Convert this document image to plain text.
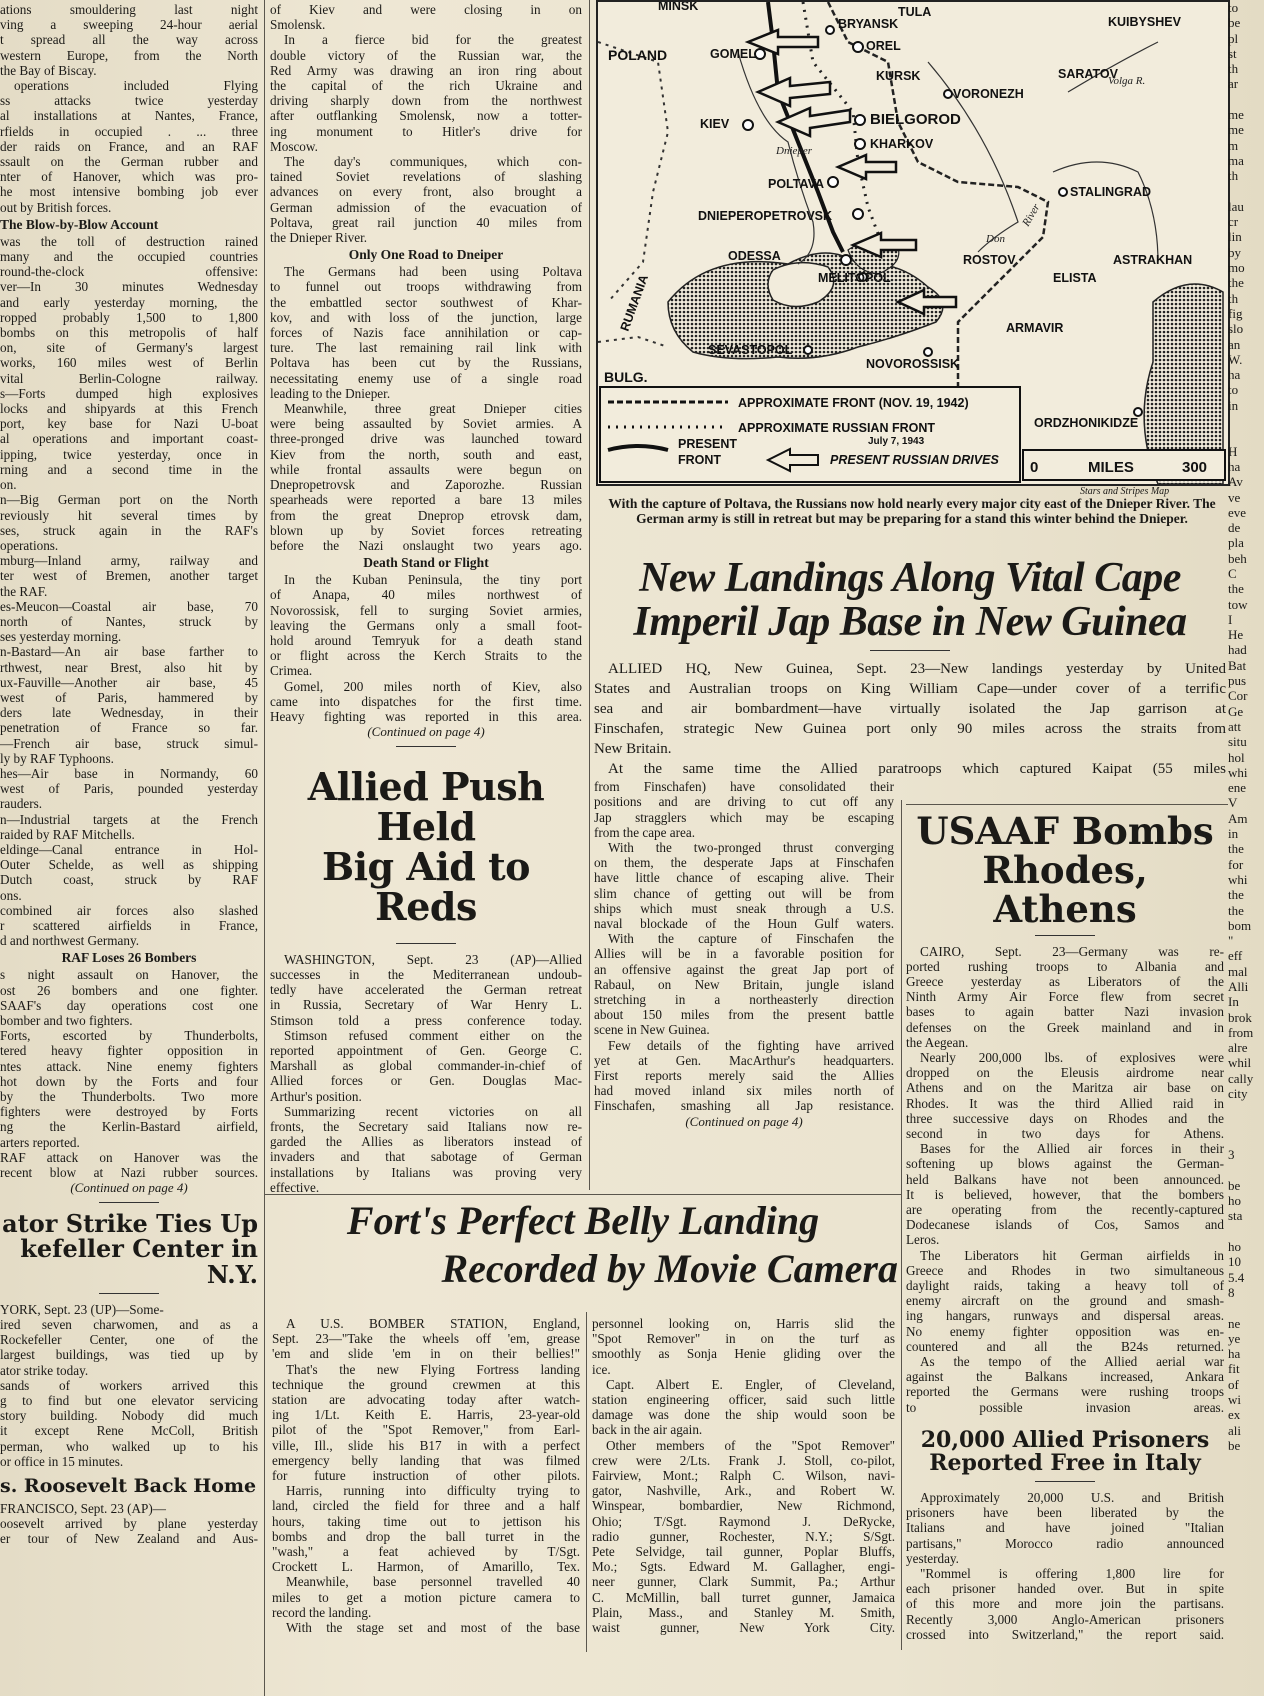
ations smouldering last night

ving a sweeping 24-hour aerial

t spread all the way across

western Europe, from the North

the Bay of Biscay.

operations included Flying

ss attacks twice yesterday

al installations at Nantes, France,

rfields in occupied . ... three

der raids on France, and an RAF

ssault on the German rubber and

nter of Hanover, which was pro-

he most intensive bombing job ever

out by British forces.

The Blow-by-Blow Account

was the toll of destruction rained

many and the occupied countries

round-the-clock offensive:

ver—In 30 minutes Wednesday

and early yesterday morning, the

ropped probably 1,500 to 1,800

bombs on this metropolis of half

on, site of Germany's largest

works, 160 miles west of Berlin

vital Berlin-Cologne railway.

s—Forts dumped high explosives

locks and shipyards at this French

port, key base for Nazi U-boat

al operations and important coast-

ipping, twice yesterday, once in

rning and a second time in the

on.

n—Big German port on the North

reviously hit several times by

ses, struck again in the RAF's

operations.

mburg—Inland army, railway and

ter west of Bremen, another target

the RAF.

es-Meucon—Coastal air base, 70

north of Nantes, struck by

ses yesterday morning.

n-Bastard—An air base farther to

rthwest, near Brest, also hit by

ux-Fauville—Another air base, 45

west of Paris, hammered by

ders late Wednesday, in their

penetration of France so far.

—French air base, struck simul-

ly by RAF Typhoons.

hes—Air base in Normandy, 60

west of Paris, pounded yesterday

rauders.

n—Industrial targets at the French

raided by RAF Mitchells.

eldinge—Canal entrance in Hol-

Outer Schelde, as well as shipping

Dutch coast, struck by RAF

ons.

combined air forces also slashed

r scattered airfields in France,

d and northwest Germany.

RAF Loses 26 Bombers

s night assault on Hanover, the

ost 26 bombers and one fighter.

SAAF's day operations cost one

bomber and two fighters.

Forts, escorted by Thunderbolts,

tered heavy fighter opposition in

ntes attack. Nine enemy fighters

hot down by the Forts and four

by the Thunderbolts. Two more

fighters were destroyed by Forts

ng the Kerlin-Bastard airfield,

arters reported.

RAF attack on Hanover was the

recent blow at Nazi rubber sources.

(Continued on page 4)
ator Strike Ties Up
kefeller Center in N.Y.

YORK, Sept. 23 (UP)—Some-

ired seven charwomen, and as a

Rockefeller Center, one of the

largest buildings, was tied up by

ator strike today.

sands of workers arrived this

g to find but one elevator servicing

story building. Nobody did much

it except Rene McColl, British

perman, who walked up to his

or office in 15 minutes.

s. Roosevelt Back Home

FRANCISCO, Sept. 23 (AP)—

oosevelt arrived by plane yesterday

er tour of New Zealand and Aus-

of Kiev and were closing in on

Smolensk.

In a fierce bid for the greatest

double victory of the Russian war, the

Red Army was drawing an iron ring about

the capital of the rich Ukraine and

driving sharply down from the northwest

after outflanking Smolensk, now a totter-

ing monument to Hitler's drive for

Moscow.

The day's communiques, which con-

tained Soviet revelations of slashing

advances on every front, also brought a

German admission of the evacuation of

Poltava, great rail junction 40 miles from

the Dnieper River.

Only One Road to Dneiper

The Germans had been using Poltava

to funnel out troops withdrawing from

the embattled sector southwest of Khar-

kov, and with loss of the junction, large

forces of Nazis face annihilation or cap-

ture. The last remaining rail link with

Poltava has been cut by the Russians,

necessitating enemy use of a single road

leading to the Dnieper.

Meanwhile, three great Dnieper cities

were being assaulted by Soviet armies. A

three-pronged drive was launched toward

Kiev from the north, south and east,

while frontal assaults were begun on

Dnepropetrovsk and Zaporozhe. Russian

spearheads were reported a bare 13 miles

from the great Dneprop etrovsk dam,

blown up by Soviet forces retreating

before the Nazi onslaught two years ago.

Death Stand or Flight

In the Kuban Peninsula, the tiny port

of Anapa, 40 miles northwest of

Novorossisk, fell to surging Soviet armies,

leaving the Germans only a small foot-

hold around Temryuk for a death stand

or flight across the Kerch Straits to the

Crimea.

Gomel, 200 miles north of Kiev, also

came into dispatches for the first time.

Heavy fighting was reported in this area.

(Continued on page 4)
Allied Push Held
Big Aid to Reds

WASHINGTON, Sept. 23 (AP)—Allied

successes in the Mediterranean undoub-

tedly have accelerated the German retreat

in Russia, Secretary of War Henry L.

Stimson told a press conference today.

Stimson refused comment either on the

reported appointment of Gen. George C.

Marshall as global commander-in-chief of

Allied forces or Gen. Douglas Mac-

Arthur's position.

Summarizing recent victories on all

fronts, the Secretary said Italians now re-

garded the Allies as liberators instead of

invaders and that sabotage of German

installations by Italians was proving very

effective.

MINSK	TULA
BRYANSK	KUIBYSHEV
OREL
POLAND	GOMEL
KURSK	SARATOV
VORONEZH
BIELGOROD
KIEV
KHARKOV
POLTAVA
STALINGRAD
DNIEPEROPETROVSK
RUMANIA
ODESSA	ROSTOV	ASTRAKHAN
MELITOPOL	ELISTA
ARMAVIR
SEVASTOPOL
NOVOROSSISK
BULG.
ORDZHONIKIDZE
Volga R.
Dnieper
Don
River
APPROXIMATE FRONT (NOV. 19, 1942)
APPROXIMATE RUSSIAN FRONT
July 7, 1943
PRESENT
FRONT	PRESENT RUSSIAN DRIVES 0	MILES	300
Stars and Stripes Map
With the capture of Poltava, the Russians now hold nearly every major city east of the Dnieper River. The German army is still in retreat but may be preparing for a stand this winter behind the Dnieper.
New Landings Along Vital Cape
Imperil Jap Base in New Guinea

ALLIED HQ, New Guinea, Sept. 23—New landings yesterday by United

States and Australian troops on King William Cape—under cover of a terrific

sea and air bombardment—have virtually isolated the Jap garrison at

Finschafen, strategic New Guinea port only 90 miles across the straits from

New Britain.

At the same time the Allied paratroops which captured Kaipat (55 miles

from Finschafen) have consolidated their

positions and are driving to cut off any

Jap stragglers which may be escaping

from the cape area.

With the two-pronged thrust converging

on them, the desperate Japs at Finschafen

have little chance of escaping alive. Their

slim chance of getting out will be from

ships which must sneak through a U.S.

naval blockade of the Houn Gulf waters.

With the capture of Finschafen the

Allies will be in a favorable position for

an offensive against the great Jap port of

Rabaul, on New Britain, jungle island

stretching in a northeasterly direction

about 150 miles from the present battle

scene in New Guinea.

Few details of the fighting have arrived

yet at Gen. MacArthur's headquarters.

First reports merely said the Allies

had moved inland six miles north of

Finschafen, smashing all Jap resistance.

(Continued on page 4)
USAAF Bombs
Rhodes, Athens

CAIRO, Sept. 23—Germany was re-

ported rushing troops to Albania and

Greece yesterday as Liberators of the

Ninth Army Air Force flew from secret

bases to again batter Nazi invasion

defenses on the Greek mainland and in

the Aegean.

Nearly 200,000 lbs. of explosives were

dropped on the Eleusis airdrome near

Athens and on the Maritza air base on

Rhodes. It was the third Allied raid in

three successive days on Rhodes and the

second in two days for Athens.

Bases for the Allied air forces in their

softening up blows against the German-

held Balkans have not been announced.

It is believed, however, that the bombers

are operating from the recently-captured

Dodecanese islands of Cos, Samos and

Leros.

The Liberators hit German airfields in

Greece and Rhodes in two simultaneous

daylight raids, taking a heavy toll of

enemy aircraft on the ground and smash-

ing hangars, runways and dispersal areas.

No enemy fighter opposition was en-

countered and all the B24s returned.

As the tempo of the Allied aerial war

against the Balkans increased, Ankara

reported the Germans were rushing troops

to possible invasion areas.

20,000 Allied Prisoners
Reported Free in Italy

Approximately 20,000 U.S. and British

prisoners have been liberated by the

Italians and have joined "Italian

partisans," Morocco radio announced

yesterday.

"Rommel is offering 1,800 lire for

each prisoner handed over. But in spite

of this more and more join the partisans.

Recently 3,000 Anglo-American prisoners

crossed into Switzerland," the report said.

Fort's Perfect Belly Landing
Recorded by Movie Camera

A U.S. BOMBER STATION, England,

Sept. 23—"Take the wheels off 'em, grease

'em and slide 'em in on their bellies!"

That's the new Flying Fortress landing

technique the ground crewmen at this

station are advocating today after watch-

ing 1/Lt. Keith E. Harris, 23-year-old

pilot of the "Spot Remover," from Earl-

ville, Ill., slide his B17 in with a perfect

emergency belly landing that was filmed

for future instruction of other pilots.

Harris, running into difficulty trying to

land, circled the field for three and a half

hours, taking time out to jettison his

bombs and drop the ball turret in the

"wash," a feat achieved by T/Sgt.

Crockett L. Harmon, of Amarillo, Tex.

Meanwhile, base personnel travelled 40

miles to get a motion picture camera to

record the landing.

With the stage set and most of the base

personnel looking on, Harris slid the

"Spot Remover" in on the turf as

smoothly as Sonja Henie gliding over the

ice.

Capt. Albert E. Engler, of Cleveland,

station engineering officer, said such little

damage was done the ship would soon be

back in the air again.

Other members of the "Spot Remover"

crew were 2/Lts. Frank J. Stoll, co-pilot,

Fairview, Mont.; Ralph C. Wilson, navi-

gator, Nashville, Ark., and Robert W.

Winspear, bombardier, New Richmond,

Ohio; T/Sgt. Raymond J. DeRycke,

radio gunner, Rochester, N.Y.; S/Sgt.

Pete Selvidge, tail gunner, Poplar Bluffs,

Mo.; Sgts. Edward M. Gallagher, engi-

neer gunner, Clark Summit, Pa.; Arthur

C. McMillin, ball turret gunner, Jamaica

Plain, Mass., and Stanley M. Smith,

waist gunner, New York City.

to
be
pl
st
th
ar

me
me
m
ma
th

lau
cr
lin
by
mo
the
th
fig
slo
an
W.
ha
to
in

H
ha
Av
ve
eve
de
pla
beh
C
the
tow
I
He
had
Bat
pus
Cor
Ge
att
situ
hol
whi
ene
V
Am
in
the
for
whi
the
the
bom
"
eff
mal
Alli
In
brok
from
alre
whil
cally
city

3

be
ho
sta

ho
10
5.4
8

ne
ye
ha
fit
of
wi
ex
ali
be
